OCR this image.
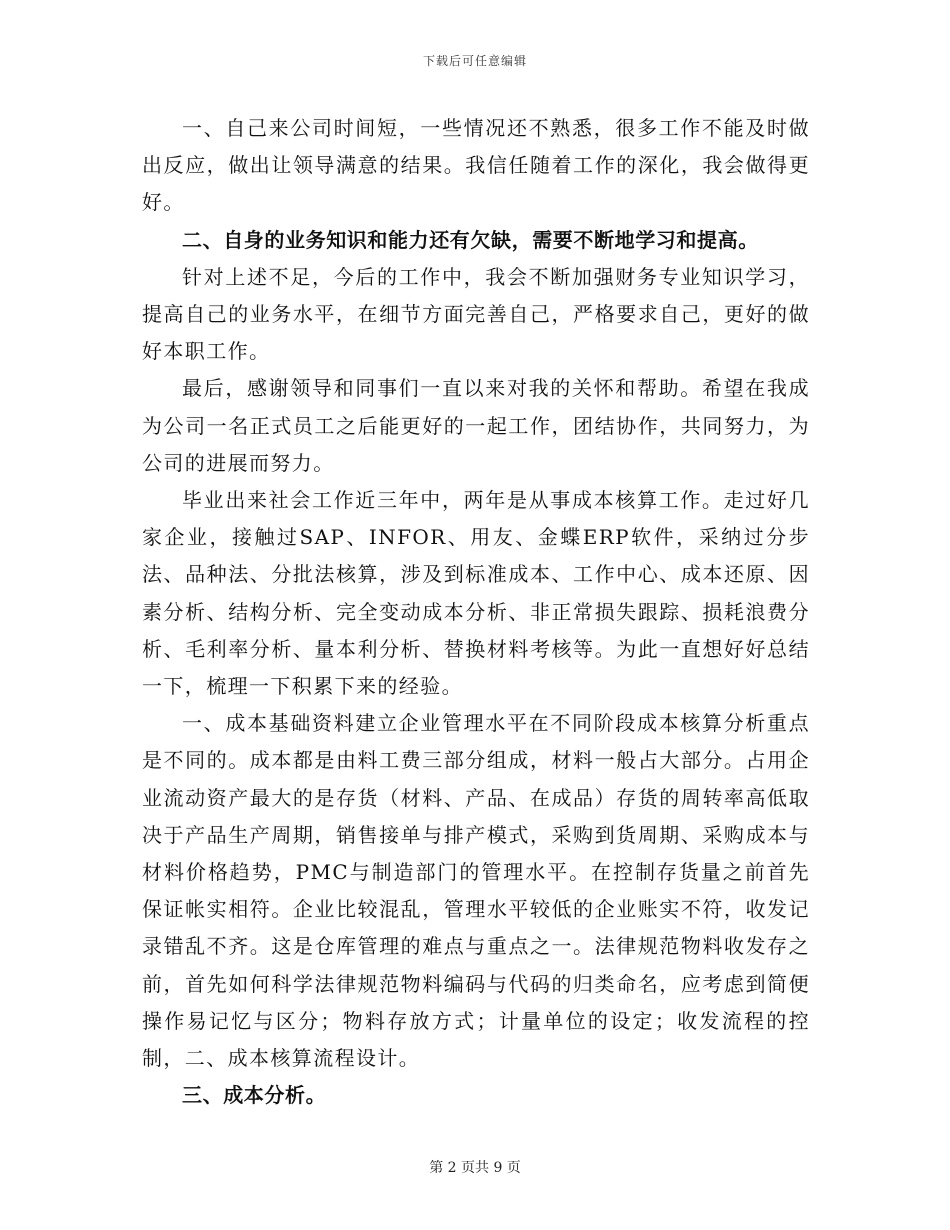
下载后可任意编辑

一、自己来公司时间短，一些情况还不熟悉，很多工作不能及时做出反应，做出让领导满意的结果。我信任随着工作的深化，我会做得更好。

二、自身的业务知识和能力还有欠缺，需要不断地学习和提高。

针对上述不足，今后的工作中，我会不断加强财务专业知识学习，提高自己的业务水平，在细节方面完善自己，严格要求自己，更好的做好本职工作。

最后，感谢领导和同事们一直以来对我的关怀和帮助。希望在我成为公司一名正式员工之后能更好的一起工作，团结协作，共同努力，为公司的进展而努力。

毕业出来社会工作近三年中，两年是从事成本核算工作。走过好几家企业，接触过SAP、INFOR、用友、金蝶ERP软件，采纳过分步法、品种法、分批法核算，涉及到标准成本、工作中心、成本还原、因素分析、结构分析、完全变动成本分析、非正常损失跟踪、损耗浪费分析、毛利率分析、量本利分析、替换材料考核等。为此一直想好好总结一下，梳理一下积累下来的经验。

一、成本基础资料建立企业管理水平在不同阶段成本核算分析重点是不同的。成本都是由料工费三部分组成，材料一般占大部分。占用企业流动资产最大的是存货（材料、产品、在成品）存货的周转率高低取决于产品生产周期，销售接单与排产模式，采购到货周期、采购成本与材料价格趋势，PMC与制造部门的管理水平。在控制存货量之前首先保证帐实相符。企业比较混乱，管理水平较低的企业账实不符，收发记录错乱不齐。这是仓库管理的难点与重点之一。法律规范物料收发存之前，首先如何科学法律规范物料编码与代码的归类命名，应考虑到简便操作易记忆与区分；物料存放方式；计量单位的设定；收发流程的控制，二、成本核算流程设计。

三、成本分析。

第 2 页共 9 页
